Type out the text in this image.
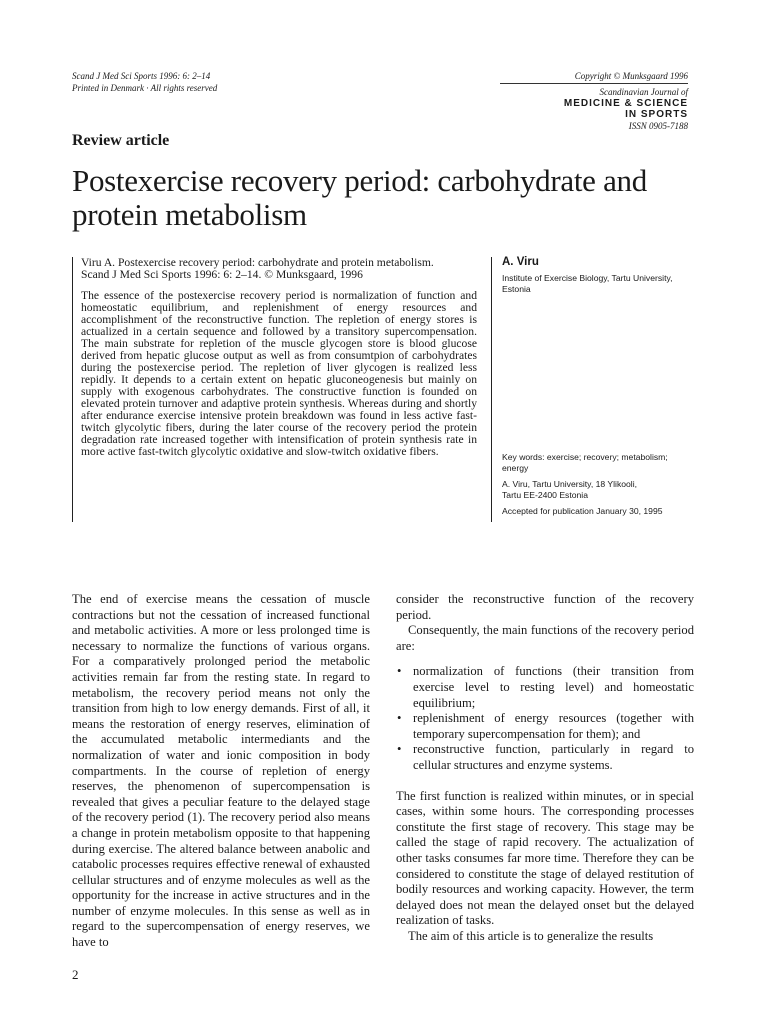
Scand J Med Sci Sports 1996: 6: 2–14
Printed in Denmark · All rights reserved
Copyright © Munksgaard 1996
Scandinavian Journal of
MEDICINE & SCIENCE
IN SPORTS
ISSN 0905-7188
Review article
Postexercise recovery period: carbohydrate and protein metabolism
Viru A. Postexercise recovery period: carbohydrate and protein metabolism.
Scand J Med Sci Sports 1996: 6: 2–14. © Munksgaard, 1996
The essence of the postexercise recovery period is normalization of function and homeostatic equilibrium, and replenishment of energy resources and accomplishment of the reconstructive function. The repletion of energy stores is actualized in a certain sequence and followed by a transitory supercompensation. The main substrate for repletion of the muscle glycogen store is blood glucose derived from hepatic glucose output as well as from consumtpion of carbohydrates during the postexercise period. The repletion of liver glycogen is realized less repidly. It depends to a certain extent on hepatic gluconeogenesis but mainly on supply with exogenous carbohydrates. The constructive function is founded on elevated protein turnover and adaptive protein synthesis. Whereas during and shortly after endurance exercise intensive protein breakdown was found in less active fast-twitch glycolytic fibers, during the later course of the recovery period the protein degradation rate increased together with intensification of protein synthesis rate in more active fast-twitch glycolytic oxidative and slow-twitch oxidative fibers.
A. Viru
Institute of Exercise Biology, Tartu University, Estonia
Key words: exercise; recovery; metabolism; energy
A. Viru, Tartu University, 18 Ylikooli,
Tartu EE-2400 Estonia
Accepted for publication January 30, 1995

The end of exercise means the cessation of muscle contractions but not the cessation of increased functional and metabolic activities. A more or less prolonged time is necessary to normalize the functions of various organs. For a comparatively prolonged period the metabolic activities remain far from the resting state. In regard to metabolism, the recovery period means not only the transition from high to low energy demands. First of all, it means the restoration of energy reserves, elimination of the accumulated metabolic intermediants and the normalization of water and ionic composition in body compartments. In the course of repletion of energy reserves, the phenomenon of supercompensation is revealed that gives a peculiar feature to the delayed stage of the recovery period (1). The recovery period also means a change in protein metabolism opposite to that happening during exercise. The altered balance between anabolic and catabolic processes requires effective renewal of exhausted cellular structures and of enzyme molecules as well as the opportunity for the increase in active structures and in the number of enzyme molecules. In this sense as well as in regard to the supercompensation of energy reserves, we have to

consider the reconstructive function of the recovery period.

Consequently, the main functions of the recovery period are:

• normalization of functions (their transition from exercise level to resting level) and homeostatic equilibrium;
• replenishment of energy resources (together with temporary supercompensation for them); and
• reconstructive function, particularly in regard to cellular structures and enzyme systems.

The first function is realized within minutes, or in special cases, within some hours. The corresponding processes constitute the first stage of recovery. This stage may be called the stage of rapid recovery. The actualization of other tasks consumes far more time. Therefore they can be considered to constitute the stage of delayed restitution of bodily resources and working capacity. However, the term delayed does not mean the delayed onset but the delayed realization of tasks.

The aim of this article is to generalize the results

2
